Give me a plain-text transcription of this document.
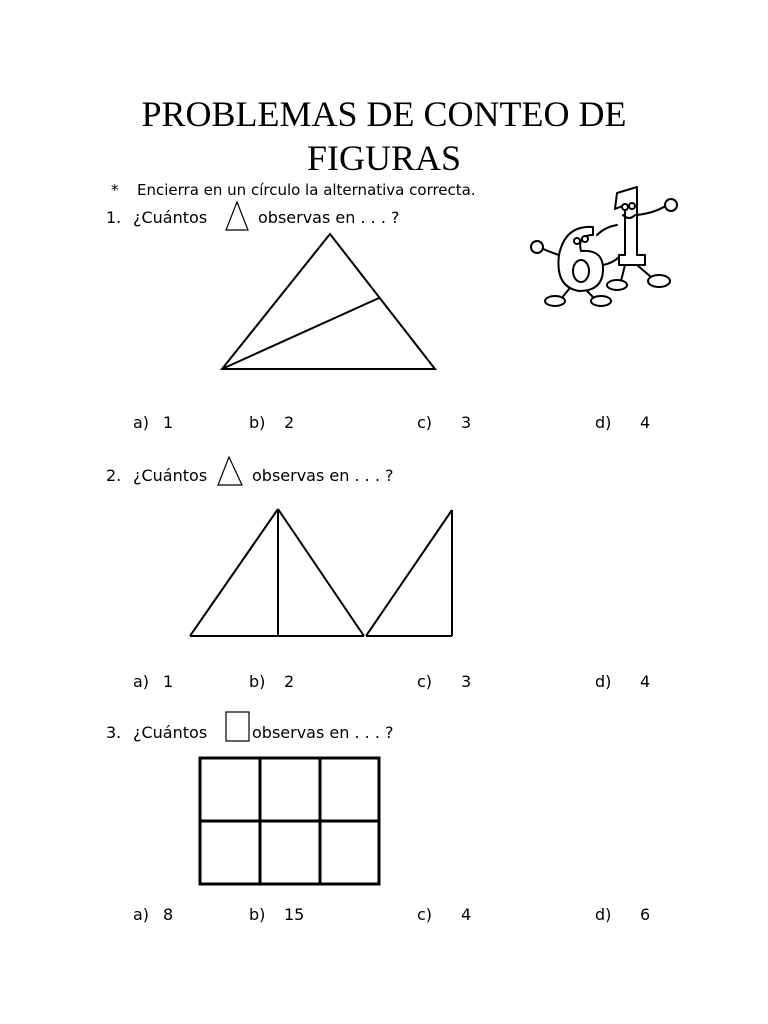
PROBLEMAS DE CONTEO DE
FIGURAS
* Encierra en un círculo la alternativa correcta.
1. ¿Cuántos	observas en . . . ?
a) 1	b) 2	c) 3	d) 4
2. ¿Cuántos	observas en . . . ?
a) 1	b) 2	c) 3	d) 4
3. ¿Cuántos	observas en . . . ?
a) 8	b) 15	c) 4	d) 6
